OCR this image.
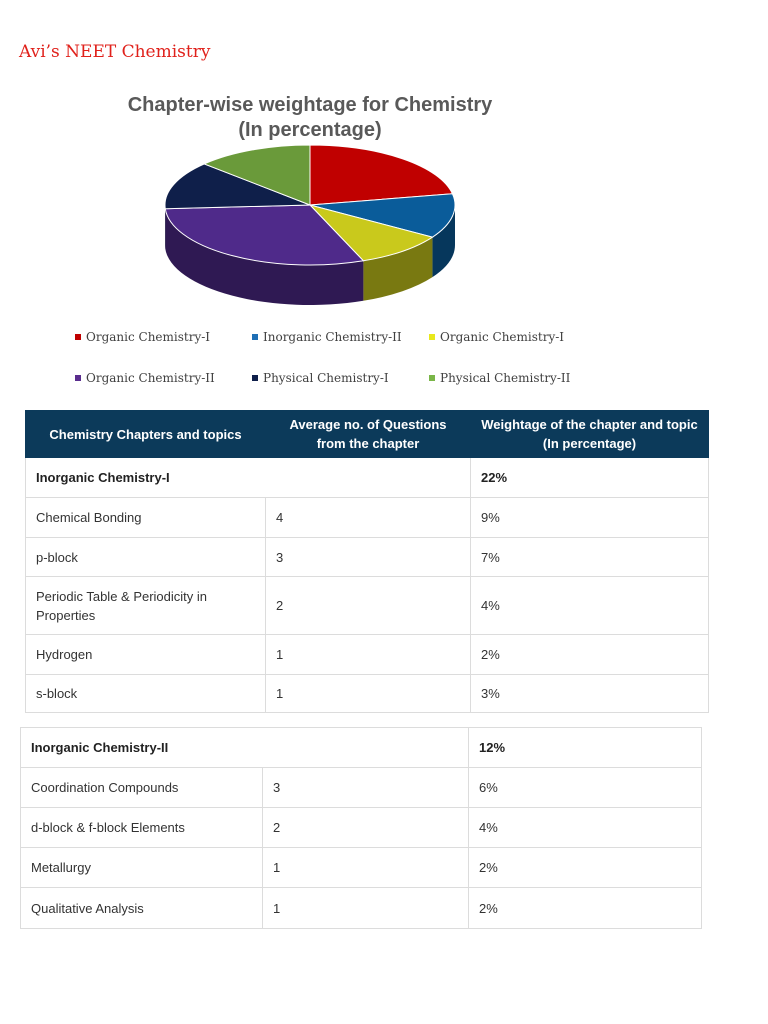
Avi’s NEET Chemistry
Chapter-wise weightage for Chemistry
(In percentage)
Organic Chemistry-I	Inorganic Chemistry-II	Organic Chemistry-I
Organic Chemistry-II	Physical Chemistry-I	Physical Chemistry-II
Chemistry Chapters and topics	Average no. of Questions from the chapter	Weightage of the chapter and topic (In percentage)
Inorganic Chemistry-I		22%
Chemical Bonding	4	9%
p-block	3	7%
Periodic Table & Periodicity in Properties	2	4%
Hydrogen	1	2%
s-block	1	3%
Inorganic Chemistry-II		12%
Coordination Compounds	3	6%
d-block & f-block Elements	2	4%
Metallurgy	1	2%
Qualitative Analysis	1	2%
